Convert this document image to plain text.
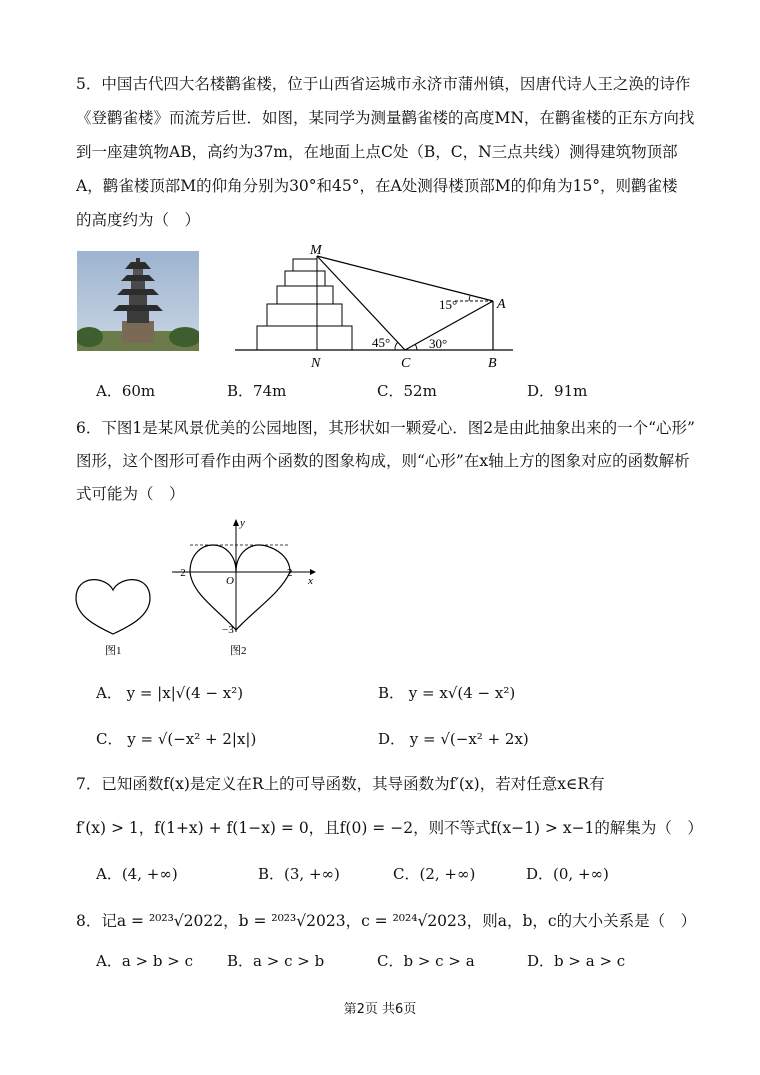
5．中国古代四大名楼鹳雀楼，位于山西省运城市永济市蒲州镇，因唐代诗人王之涣的诗作
《登鹳雀楼》而流芳后世．如图，某同学为测量鹳雀楼的高度MN，在鹳雀楼的正东方向找
到一座建筑物AB，高约为37m，在地面上点C处（B，C，N三点共线）测得建筑物顶部
A，鹳雀楼顶部M的仰角分别为30°和45°，在A处测得楼顶部M的仰角为15°，则鹳雀楼
的高度约为（　）
M
A
N	C	B
45°	30°
15°
A．60m	B．74m	C．52m	D．91m
6．下图1是某风景优美的公园地图，其形状如一颗爱心．图2是由此抽象出来的一个“心形”
图形，这个图形可看作由两个函数的图象构成，则“心形”在x轴上方的图象对应的函数解析
式可能为（　）
图1
y
x
O
−2	2
−3
图2
A． y = |x|√(4 − x²)	B． y = x√(4 − x²)
C． y = √(−x² + 2|x|)	D． y = √(−x² + 2x)
7．已知函数f(x)是定义在R上的可导函数，其导函数为f′(x)，若对任意x∈R有
f′(x) > 1，f(1+x) + f(1−x) = 0，且f(0) = −2，则不等式f(x−1) > x−1的解集为（　）
A．(4, +∞)	B．(3, +∞)	C．(2, +∞)	D．(0, +∞)
8．记a = ²⁰²³√2022，b = ²⁰²³√2023，c = ²⁰²⁴√2023，则a，b，c的大小关系是（　）
A．a > b > c B．a > c > b	C．b > c > a	D．b > a > c
第2页 共6页
